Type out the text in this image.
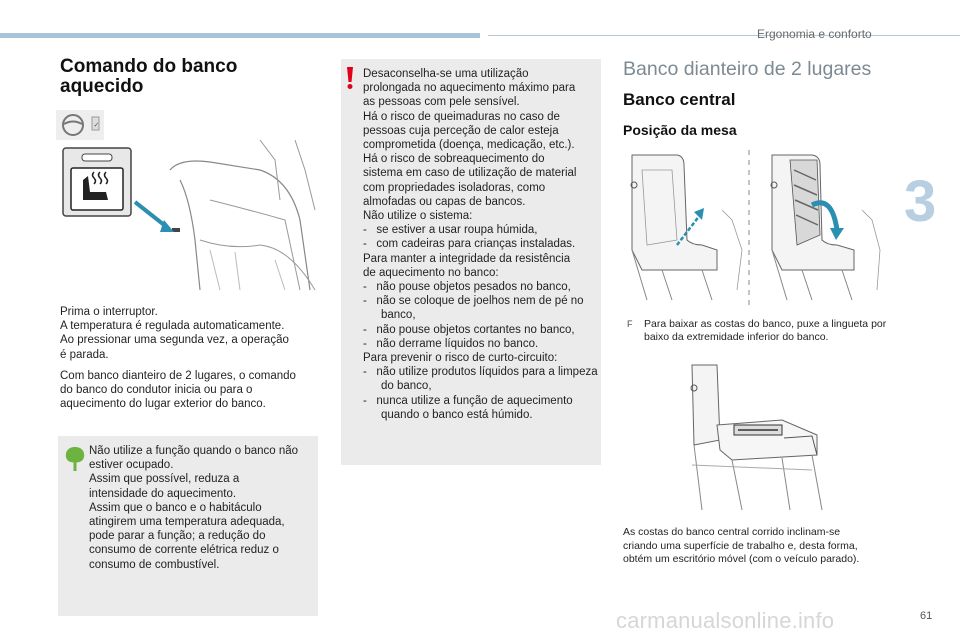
Ergonomia e conforto
3
61
Comando do banco aquecido
✓
Prima o interruptor.
A temperatura é regulada automaticamente.
Ao pressionar uma segunda vez, a operação
é parada.
Com banco dianteiro de 2 lugares, o comando
do banco do condutor inicia ou para o
aquecimento do lugar exterior do banco.
Não utilize a função quando o banco não
estiver ocupado.
Assim que possível, reduza a
intensidade do aquecimento.
Assim que o banco e o habitáculo
atingirem uma temperatura adequada,
pode parar a função; a redução do
consumo de corrente elétrica reduz o
consumo de combustível.
Desaconselha-se uma utilização
prolongada no aquecimento máximo para
as pessoas com pele sensível.
Há o risco de queimaduras no caso de
pessoas cuja perceção de calor esteja
comprometida (doença, medicação, etc.).
Há o risco de sobreaquecimento do
sistema em caso de utilização de material
com propriedades isoladoras, como
almofadas ou capas de bancos.
Não utilize o sistema:
-   se estiver a usar roupa húmida,
-   com cadeiras para crianças instaladas.
Para manter a integridade da resistência
de aquecimento no banco:
-   não pouse objetos pesados no banco,
-   não se coloque de joelhos nem de pé no banco,
-   não pouse objetos cortantes no banco,
-   não derrame líquidos no banco.
Para prevenir o risco de curto-circuito:
-   não utilize produtos líquidos para a limpeza do banco,
-   nunca utilize a função de aquecimento quando o banco está húmido.
Banco dianteiro de 2 lugares
Banco central
Posição da mesa
F	Para baixar as costas do banco, puxe a lingueta por baixo da extremidade inferior do banco.
As costas do banco central corrido inclinam-se
criando uma superfície de trabalho e, desta forma,
obtém um escritório móvel (com o veículo parado).
carmanualsonline.info
